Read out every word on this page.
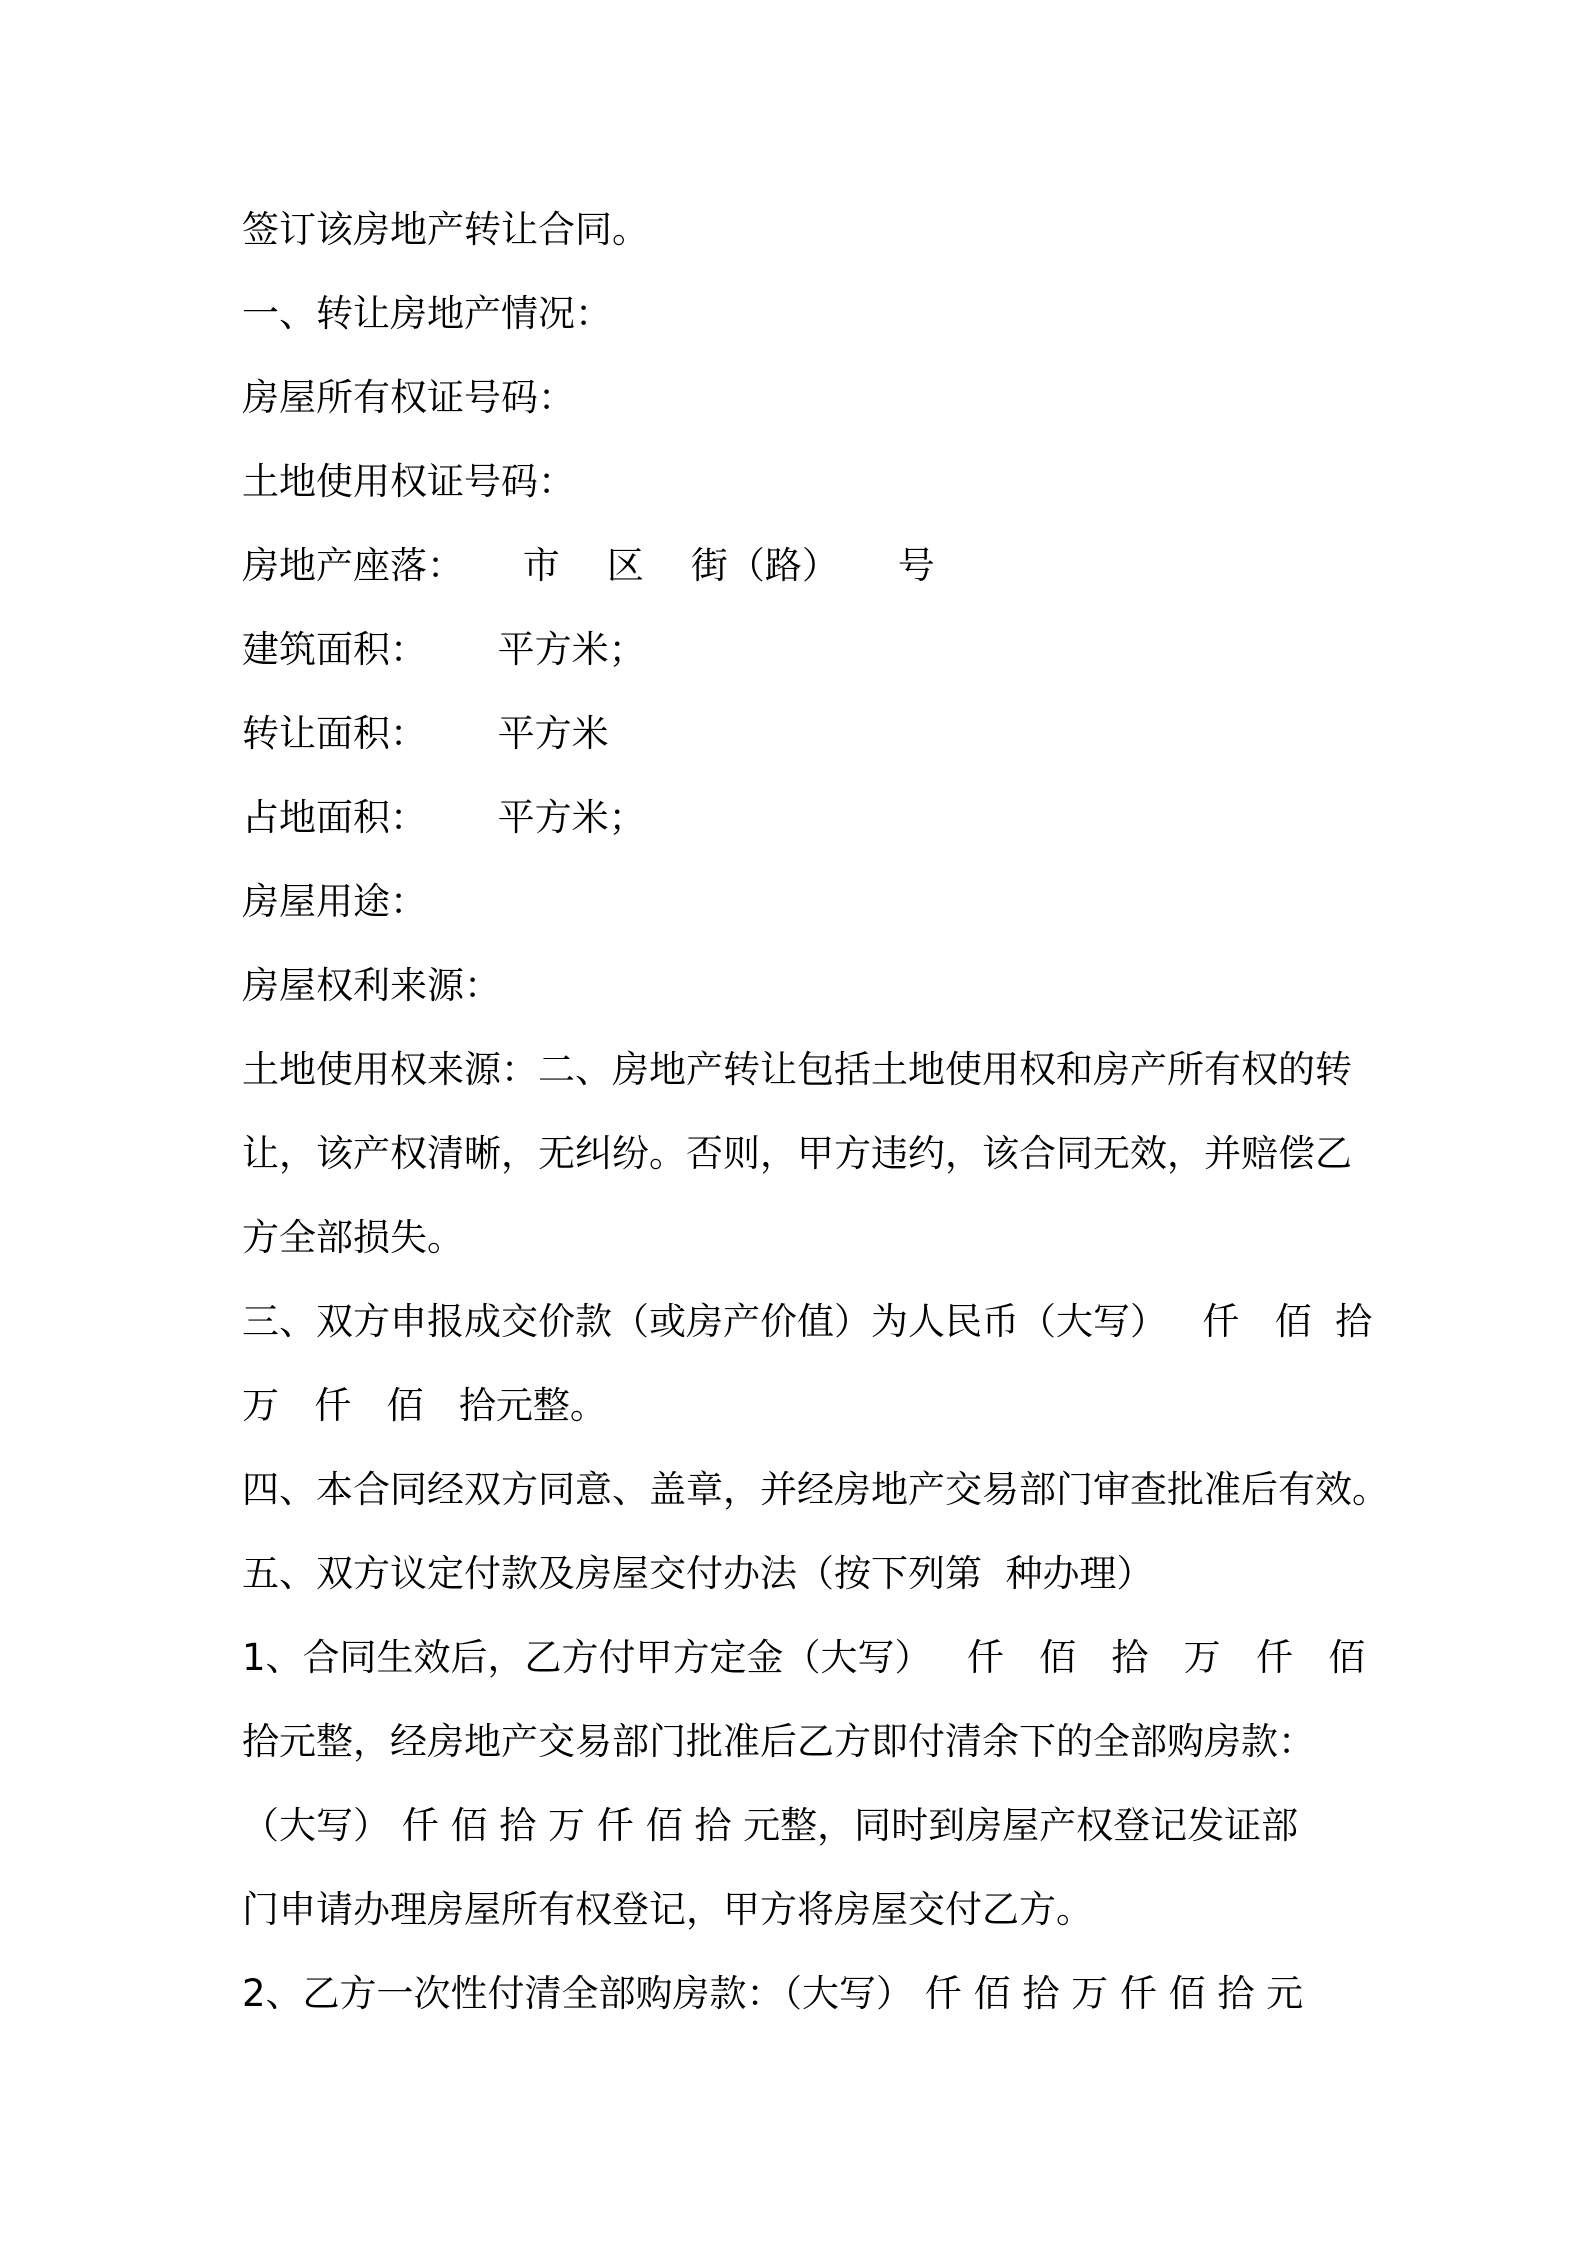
签订该房地产转让合同。
一、转让房地产情况：
房屋所有权证号码：
土地使用权证号码：
房地产座落：     市    区    街（路）     号
建筑面积：      平方米；
转让面积：      平方米
占地面积：      平方米；
房屋用途：
房屋权利来源：
土地使用权来源：二、房地产转让包括土地使用权和房产所有权的转
让，该产权清晰，无纠纷。否则，甲方违约，该合同无效，并赔偿乙
方全部损失。
三、双方申报成交价款（或房产价值）为人民币（大写）   仟   佰  拾
万   仟   佰   拾元整。
四、本合同经双方同意、盖章，并经房地产交易部门审查批准后有效。
五、双方议定付款及房屋交付办法（按下列第  种办理）
1、合同生效后，乙方付甲方定金（大写）   仟   佰   拾   万   仟   佰
拾元整，经房地产交易部门批准后乙方即付清余下的全部购房款：
（大写） 仟 佰 拾 万 仟 佰 拾 元整，同时到房屋产权登记发证部
门申请办理房屋所有权登记，甲方将房屋交付乙方。
2、乙方一次性付清全部购房款：（大写） 仟 佰 拾 万 仟 佰 拾 元
